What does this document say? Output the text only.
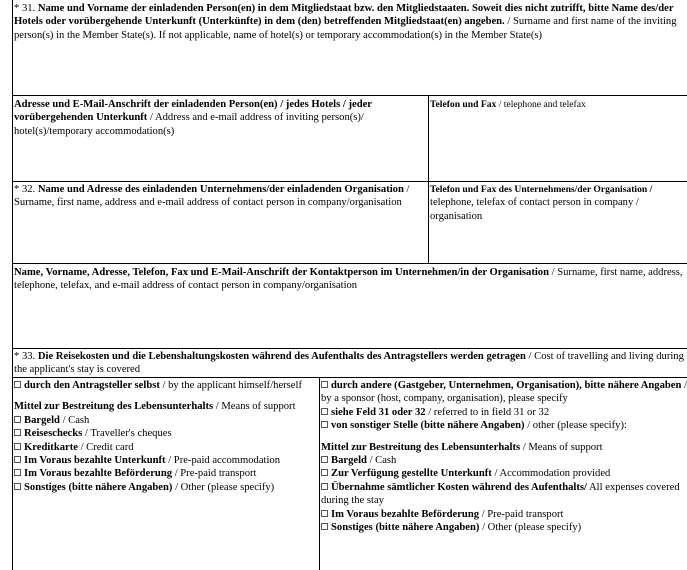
* 31. Name und Vorname der einladenden Person(en) in dem Mitgliedstaat bzw. den Mitgliedstaaten. Soweit dies nicht zutrifft, bitte Name des/der Hotels oder vorübergehende Unterkunft (Unterkünfte) in dem (den) betreffenden Mitgliedstaat(en) angeben. / Surname and first name of the inviting person(s) in the Member State(s). If not applicable, name of hotel(s) or temporary accommodation(s) in the Member State(s)
Adresse und E-Mail-Anschrift der einladenden Person(en) / jedes Hotels / jeder vorübergehenden Unterkunft / Address and e-mail address of inviting person(s)/ hotel(s)/temporary accommodation(s)
Telefon und Fax / telephone and telefax
* 32. Name und Adresse des einladenden Unternehmens/der einladenden Organisation / Surname, first name, address and e-mail address of contact person in company/organisation
Telefon und Fax des Unternehmens/der Organisation / telephone, telefax of contact person in company / organisation
Name, Vorname, Adresse, Telefon, Fax und E-Mail-Anschrift der Kontaktperson im Unternehmen/in der Organisation / Surname, first name, address, telephone, telefax, and e-mail address of contact person in company/organisation
* 33. Die Reisekosten und die Lebenshaltungskosten während des Aufenthalts des Antragstellers werden getragen / Cost of travelling and living during the applicant's stay is covered
durch den Antragsteller selbst / by the applicant himself/herself
Mittel zur Bestreitung des Lebensunterhalts / Means of support
Bargeld / Cash
Reiseschecks / Traveller's cheques
Kreditkarte / Credit card
Im Voraus bezahlte Unterkunft / Pre-paid accommodation
Im Voraus bezahlte Beförderung / Pre-paid transport
Sonstiges (bitte nähere Angaben) / Other (please specify)
durch andere (Gastgeber, Unternehmen, Organisation), bitte nähere Angaben / by a sponsor (host, company, organisation), please specify
siehe Feld 31 oder 32 / referred to in field 31 or 32
von sonstiger Stelle (bitte nähere Angaben) / other (please specify):
Mittel zur Bestreitung des Lebensunterhalts / Means of support
Bargeld / Cash
Zur Verfügung gestellte Unterkunft / Accommodation provided
Übernahme sämtlicher Kosten während des Aufenthalts/ All expenses covered during the stay
Im Voraus bezahlte Beförderung / Pre-paid transport
Sonstiges (bitte nähere Angaben) / Other (please specify)
